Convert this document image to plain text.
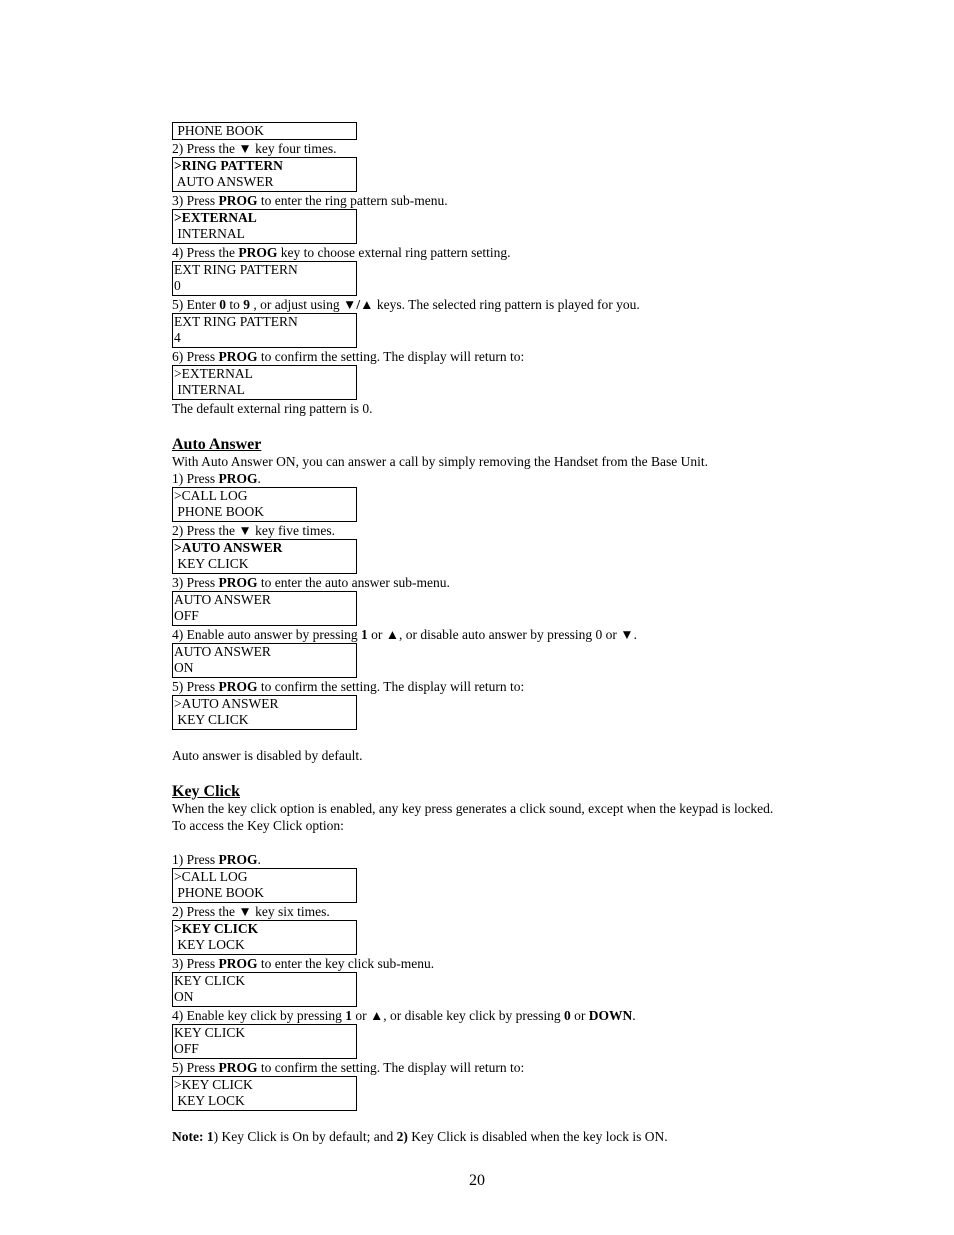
PHONE BOOK
2) Press the ▼ key four times.
>RING PATTERN
AUTO ANSWER
3) Press PROG to enter the ring pattern sub-menu.
>EXTERNAL
INTERNAL
4) Press the PROG key to choose external ring pattern setting.
EXT RING PATTERN
0
5) Enter 0 to 9 , or adjust using ▼/▲ keys. The selected ring pattern is played for you.
EXT RING PATTERN
4
6) Press PROG to confirm the setting. The display will return to:
>EXTERNAL
INTERNAL
The default external ring pattern is 0.
Auto Answer
With Auto Answer ON, you can answer a call by simply removing the Handset from the Base Unit.
1) Press PROG.
>CALL LOG
PHONE BOOK
2) Press the ▼ key five times.
>AUTO ANSWER
KEY CLICK
3) Press PROG to enter the auto answer sub-menu.
AUTO ANSWER
OFF
4) Enable auto answer by pressing 1 or ▲, or disable auto answer by pressing 0 or ▼.
AUTO ANSWER
ON
5) Press PROG to confirm the setting. The display will return to:
>AUTO ANSWER
KEY CLICK
Auto answer is disabled by default.
Key Click
When the key click option is enabled, any key press generates a click sound, except when the keypad is locked.
To access the Key Click option:
1) Press PROG.
>CALL LOG
PHONE BOOK
2) Press the ▼ key six times.
>KEY CLICK
KEY LOCK
3) Press PROG to enter the key click sub-menu.
KEY CLICK
ON
4) Enable key click by pressing 1 or ▲, or disable key click by pressing 0 or DOWN.
KEY CLICK
OFF
5) Press PROG to confirm the setting. The display will return to:
>KEY CLICK
KEY LOCK
Note: 1) Key Click is On by default; and 2) Key Click is disabled when the key lock is ON.
20
